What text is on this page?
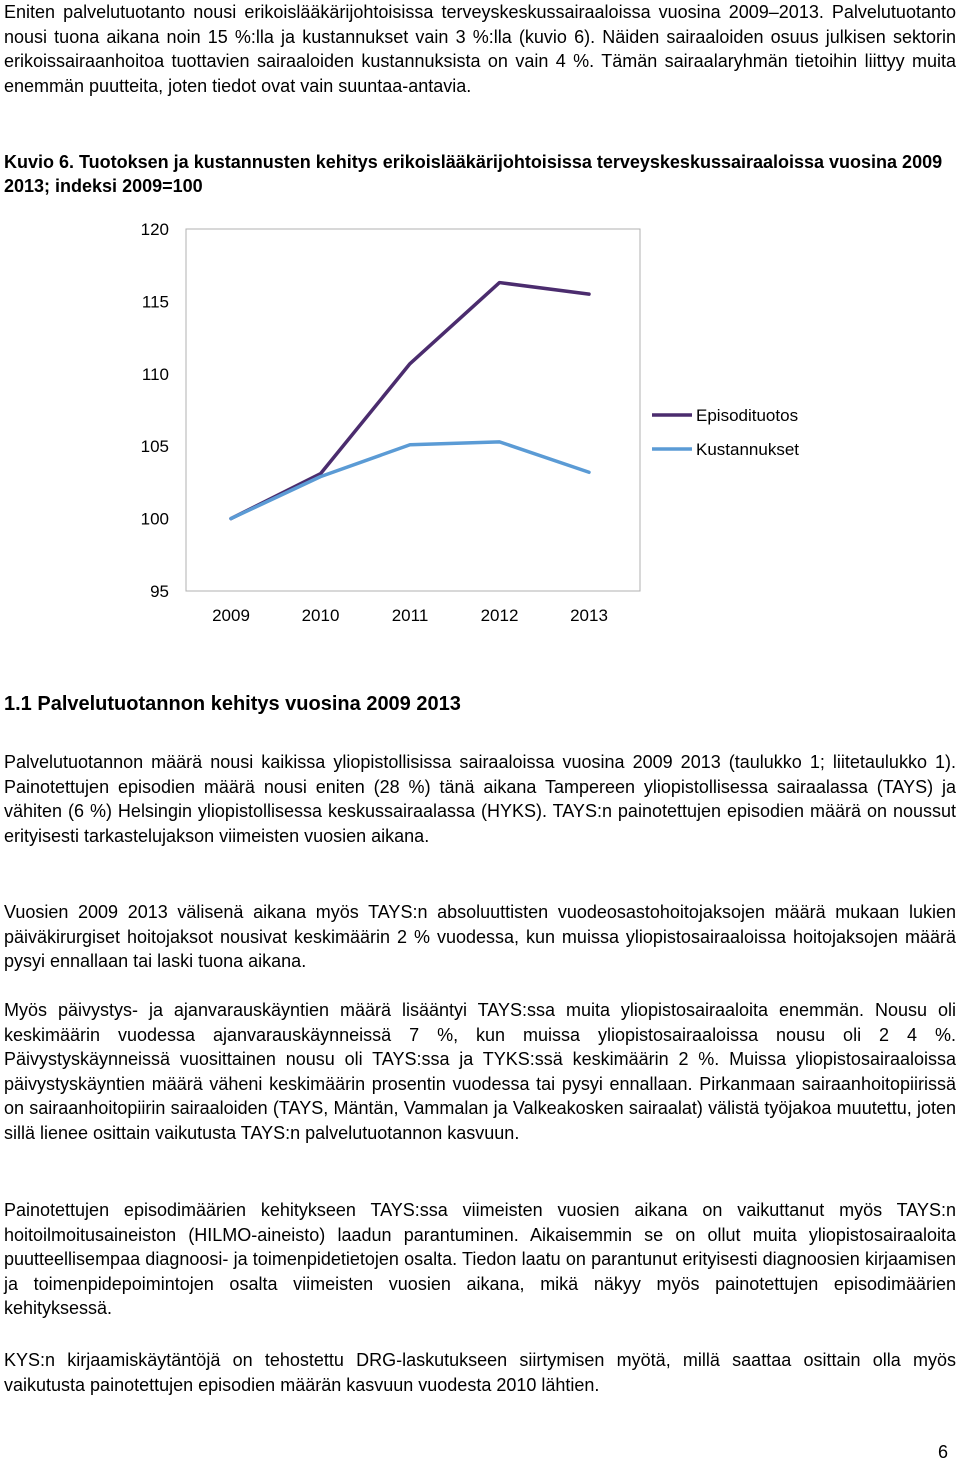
Eniten palvelutuotanto nousi erikoislääkärijohtoisissa terveyskeskussairaaloissa vuosina 2009–2013. Palvelutuotanto nousi tuona aikana noin 15 %:lla ja kustannukset vain 3 %:lla (kuvio 6). Näiden sairaaloiden osuus julkisen sektorin erikoissairaanhoitoa tuottavien sairaaloiden kustannuksista on vain 4 %. Tämän sairaalaryhmän tietoihin liittyy muita enemmän puutteita, joten tiedot ovat vain suuntaa-antavia.

Kuvio 6. Tuotoksen ja kustannusten kehitys erikoislääkärijohtoisissa terveyskeskussairaaloissa vuosina 2009 2013; indeksi 2009=100

120
115
110
105
100
95
2009	2010	2011	2012	2013
Episodituotos
Kustannukset
1.1 Palvelutuotannon kehitys vuosina 2009 2013

Palvelutuotannon määrä nousi kaikissa yliopistollisissa sairaaloissa vuosina 2009 2013 (taulukko 1; liitetaulukko 1). Painotettujen episodien määrä nousi eniten (28 %) tänä aikana Tampereen yliopistollisessa sairaalassa (TAYS) ja vähiten (6 %) Helsingin yliopistollisessa keskussairaalassa (HYKS). TAYS:n painotettujen episodien määrä on noussut erityisesti tarkastelujakson viimeisten vuosien aikana.

Vuosien 2009 2013 välisenä aikana myös TAYS:n absoluuttisten vuodeosastohoitojaksojen määrä mukaan lukien päiväkirurgiset hoitojaksot nousivat keskimäärin 2 % vuodessa, kun muissa yliopistosairaaloissa hoitojaksojen määrä pysyi ennallaan tai laski tuona aikana.

Myös päivystys- ja ajanvarauskäyntien määrä lisääntyi TAYS:ssa muita yliopistosairaaloita enemmän. Nousu oli keskimäärin vuodessa ajanvarauskäynneissä 7 %, kun muissa yliopistosairaaloissa nousu oli 2 4 %. Päivystyskäynneissä vuosittainen nousu oli TAYS:ssa ja TYKS:ssä keskimäärin 2 %. Muissa yliopistosairaaloissa päivystyskäyntien määrä väheni keskimäärin prosentin vuodessa tai pysyi ennallaan. Pirkanmaan sairaanhoitopiirissä on sairaanhoitopiirin sairaaloiden (TAYS, Mäntän, Vammalan ja Valkeakosken sairaalat) välistä työjakoa muutettu, joten sillä lienee osittain vaikutusta TAYS:n palvelutuotannon kasvuun.

Painotettujen episodimäärien kehitykseen TAYS:ssa viimeisten vuosien aikana on vaikuttanut myös TAYS:n hoitoilmoitusaineiston (HILMO-aineisto) laadun parantuminen. Aikaisemmin se on ollut muita yliopistosairaaloita puutteellisempaa diagnoosi- ja toimenpidetietojen osalta. Tiedon laatu on parantunut erityisesti diagnoosien kirjaamisen ja toimenpidepoimintojen osalta viimeisten vuosien aikana, mikä näkyy myös painotettujen episodimäärien kehityksessä.

KYS:n kirjaamiskäytäntöjä on tehostettu DRG-laskutukseen siirtymisen myötä, millä saattaa osittain olla myös vaikutusta painotettujen episodien määrän kasvuun vuodesta 2010 lähtien.

6
